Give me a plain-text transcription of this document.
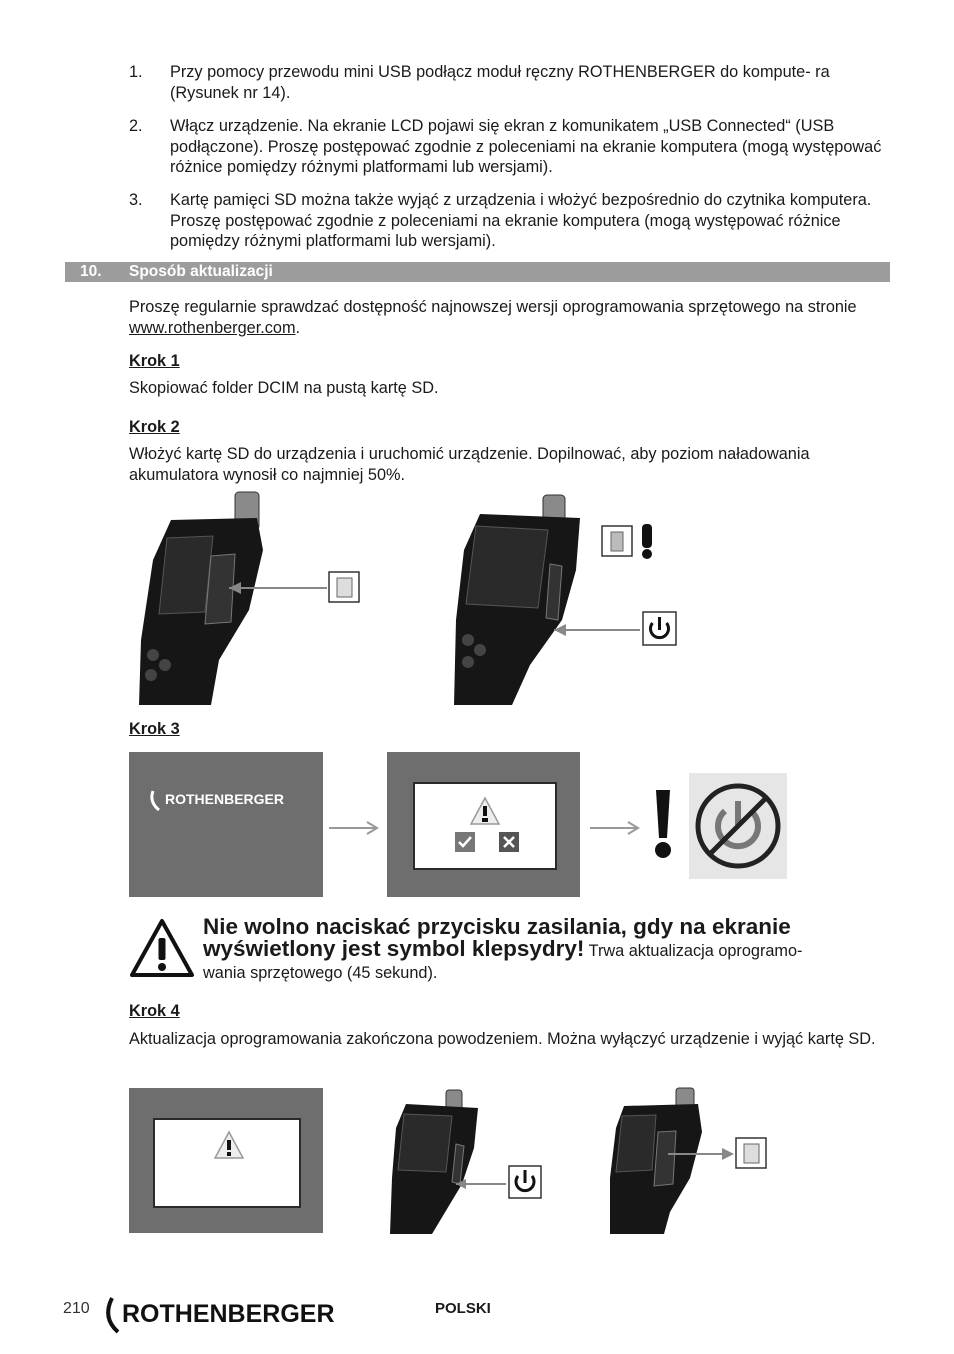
1. Przy pomocy przewodu mini USB podłącz moduł ręczny ROTHENBERGER do kompute- ra (Rysunek nr 14).
2. Włącz urządzenie. Na ekranie LCD pojawi się ekran z komunikatem „USB Connected“ (USB podłączone). Proszę postępować zgodnie z poleceniami na ekranie komputera (mogą występować różnice pomiędzy różnymi platformami lub wersjami).
3. Kartę pamięci SD można także wyjąć z urządzenia i włożyć bezpośrednio do czytnika komputera. Proszę postępować zgodnie z poleceniami na ekranie komputera (mogą występować różnice pomiędzy różnymi platformami lub wersjami).
10. Sposób aktualizacji
Proszę regularnie sprawdzać dostępność najnowszej wersji oprogramowania sprzętowego na stronie www.rothenberger.com.
Krok 1
Skopiować folder DCIM na pustą kartę SD.
Krok 2
Włożyć kartę SD do urządzenia i uruchomić urządzenie. Dopilnować, aby poziom naładowania akumulatora wynosił co najmniej 50%.
Krok 3
ROTHENBERGER
Nie wolno naciskać przycisku zasilania, gdy na ekranie wyświetlony jest symbol klepsydry! Trwa aktualizacja oprogramo-
wania sprzętowego (45 sekund).
Krok 4
Aktualizacja oprogramowania zakończona powodzeniem. Można wyłączyć urządzenie i wyjąć kartę SD.
210 ROTHENBERGER	POLSKI
